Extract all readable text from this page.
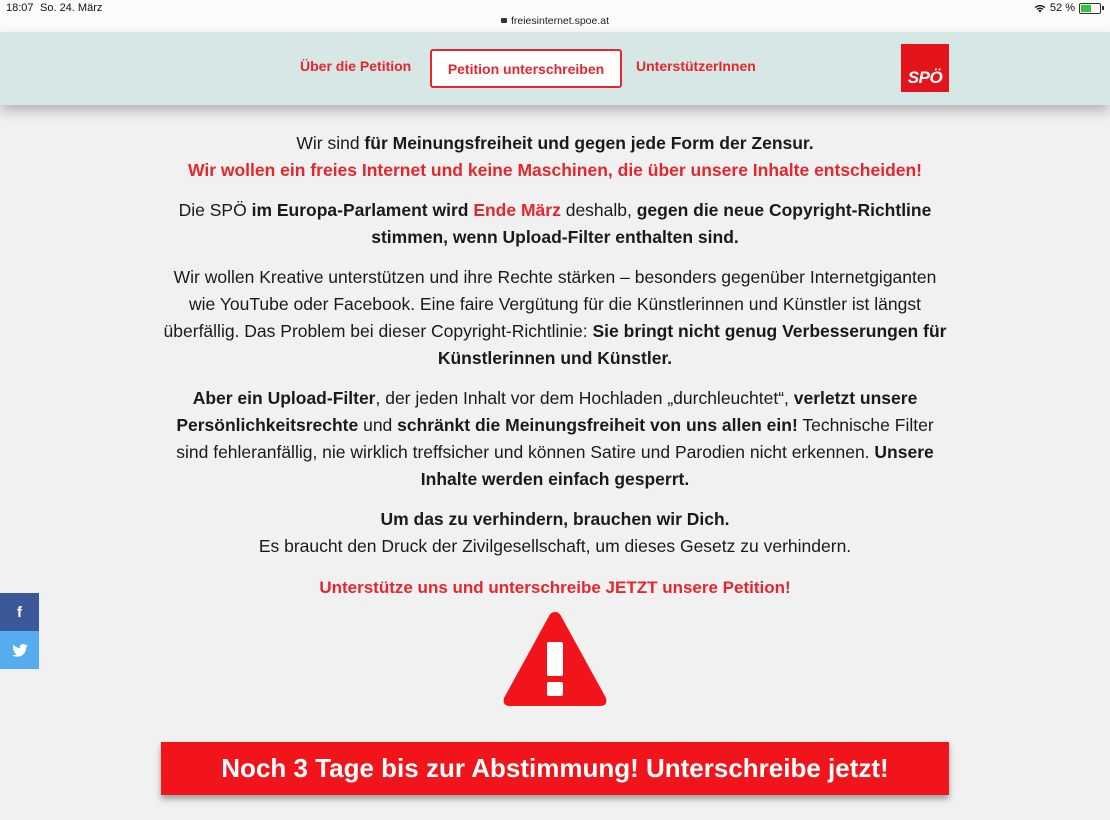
18:07 So. 24. März
freiesinternet.spoe.at
52 %
Über die Petition	Petition unterschreiben	UnterstützerInnen
SPÖ

Wir sind für Meinungsfreiheit und gegen jede Form der Zensur.
Wir wollen ein freies Internet und keine Maschinen, die über unsere Inhalte entscheiden!

Die SPÖ im Europa-Parlament wird Ende März deshalb, gegen die neue Copyright-Richtline stimmen, wenn Upload-Filter enthalten sind.

Wir wollen Kreative unterstützen und ihre Rechte stärken – besonders gegenüber Internetgiganten wie YouTube oder Facebook. Eine faire Vergütung für die Künstlerinnen und Künstler ist längst überfällig. Das Problem bei dieser Copyright-Richtlinie: Sie bringt nicht genug Verbesserungen für Künstlerinnen und Künstler.

Aber ein Upload-Filter, der jeden Inhalt vor dem Hochladen „durchleuchtet“, verletzt unsere Persönlichkeitsrechte und schränkt die Meinungsfreiheit von uns allen ein! Technische Filter sind fehleranfällig, nie wirklich treffsicher und können Satire und Parodien nicht erkennen. Unsere Inhalte werden einfach gesperrt.

Um das zu verhindern, brauchen wir Dich.
Es braucht den Druck der Zivilgesellschaft, um dieses Gesetz zu verhindern.

Unterstütze uns und unterschreibe JETZT unsere Petition!

Noch 3 Tage bis zur Abstimmung! Unterschreibe jetzt!
f
